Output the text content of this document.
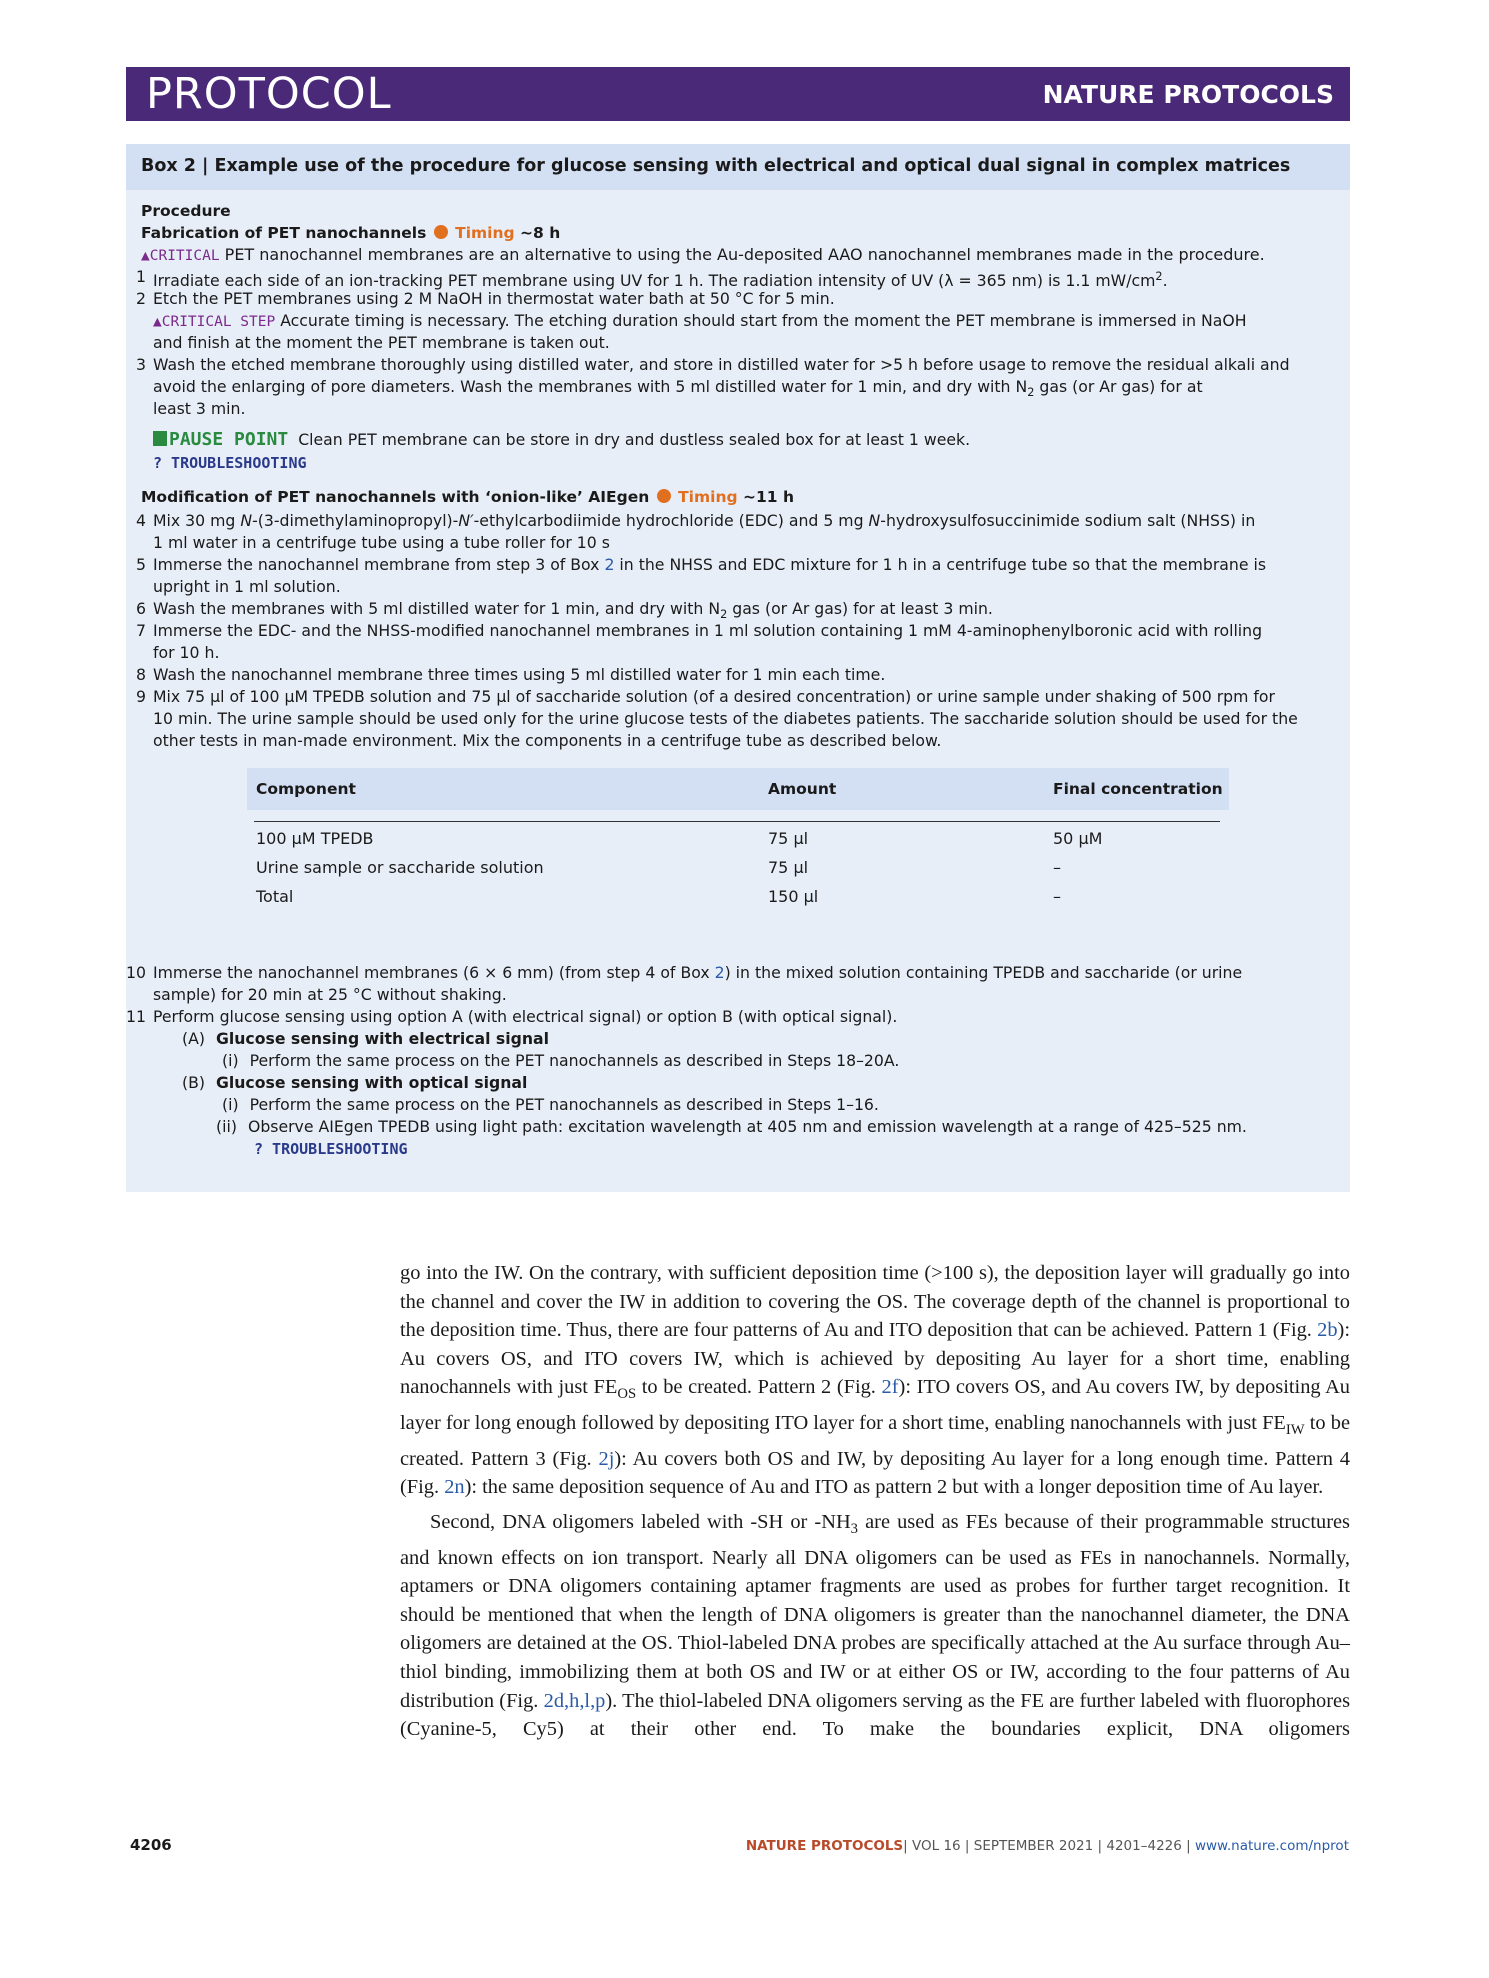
PROTOCOL	NATURE PROTOCOLS
Box 2 | Example use of the procedure for glucose sensing with electrical and optical dual signal in complex matrices
Procedure
Fabrication of PET nanochannels Timing ~8 h
▲CRITICAL PET nanochannel membranes are an alternative to using the Au-deposited AAO nanochannel membranes made in the procedure.
1 Irradiate each side of an ion-tracking PET membrane using UV for 1 h. The radiation intensity of UV (λ = 365 nm) is 1.1 $mW/cm^2$.
2 Etch the PET membranes using 2 M NaOH in thermostat water bath at 50 °C for 5 min.
▲CRITICAL STEP Accurate timing is necessary. The etching duration should start from the moment the PET membrane is immersed in NaOH
and finish at the moment the PET membrane is taken out.
3 Wash the etched membrane thoroughly using distilled water, and store in distilled water for >5 h before usage to remove the residual alkali and
avoid the enlarging of pore diameters. Wash the membranes with 5 ml distilled water for 1 min, and dry with $N_2$ gas (or Ar gas) for at
least 3 min.
PAUSE POINT Clean PET membrane can be store in dry and dustless sealed box for at least 1 week.
? TROUBLESHOOTING
Modification of PET nanochannels with ‘onion-like’ AIEgen Timing ~11 h
4 Mix 30 mg N-(3-dimethylaminopropyl)-N′-ethylcarbodiimide hydrochloride (EDC) and 5 mg N-hydroxysulfosuccinimide sodium salt (NHSS) in
1 ml water in a centrifuge tube using a tube roller for 10 s
5 Immerse the nanochannel membrane from step 3 of Box 2 in the NHSS and EDC mixture for 1 h in a centrifuge tube so that the membrane is
upright in 1 ml solution.
6 Wash the membranes with 5 ml distilled water for 1 min, and dry with $N_2$ gas (or Ar gas) for at least 3 min.
7 Immerse the EDC- and the NHSS-modified nanochannel membranes in 1 ml solution containing 1 mM 4-aminophenylboronic acid with rolling
for 10 h.
8 Wash the nanochannel membrane three times using 5 ml distilled water for 1 min each time.
9 Mix 75 μl of 100 μM TPEDB solution and 75 μl of saccharide solution (of a desired concentration) or urine sample under shaking of 500 rpm for
10 min. The urine sample should be used only for the urine glucose tests of the diabetes patients. The saccharide solution should be used for the
other tests in man-made environment. Mix the components in a centrifuge tube as described below.
Component	Amount	Final concentration
100 μM TPEDB	75 μl	50 μM
Urine sample or saccharide solution	75 μl	–
Total	150 μl	–
10 Immerse the nanochannel membranes (6 × 6 mm) (from step 4 of Box 2) in the mixed solution containing TPEDB and saccharide (or urine
sample) for 20 min at 25 °C without shaking.
11 Perform glucose sensing using option A (with electrical signal) or option B (with optical signal).
(A) Glucose sensing with electrical signal
(i) Perform the same process on the PET nanochannels as described in Steps 18–20A.
(B) Glucose sensing with optical signal
(i) Perform the same process on the PET nanochannels as described in Steps 1–16.
(ii) Observe AIEgen TPEDB using light path: excitation wavelength at 405 nm and emission wavelength at a range of 425–525 nm.
? TROUBLESHOOTING

go into the IW. On the contrary, with sufficient deposition time (>100 s), the deposition layer will gradually go into the channel and cover the IW in addition to covering the OS. The coverage depth of the channel is proportional to the deposition time. Thus, there are four patterns of Au and ITO deposition that can be achieved. Pattern 1 (Fig. 2b): Au covers OS, and ITO covers IW, which is achieved by depositing Au layer for a short time, enabling nanochannels with just $FE_{OS}$ to be created. Pattern 2 (Fig. 2f): ITO covers OS, and Au covers IW, by depositing Au layer for long enough followed by depositing ITO layer for a short time, enabling nanochannels with just $FE_{IW}$ to be created. Pattern 3 (Fig. 2j): Au covers both OS and IW, by depositing Au layer for a long enough time. Pattern 4 (Fig. 2n): the same deposition sequence of Au and ITO as pattern 2 but with a longer deposition time of Au layer.

Second, DNA oligomers labeled with -SH or $-NH_3$ are used as FEs because of their programmable structures and known effects on ion transport. Nearly all DNA oligomers can be used as FEs in nanochannels. Normally, aptamers or DNA oligomers containing aptamer fragments are used as probes for further target recognition. It should be mentioned that when the length of DNA oligomers is greater than the nanochannel diameter, the DNA oligomers are detained at the OS. Thiol-labeled DNA probes are specifically attached at the Au surface through Au–thiol binding, immobilizing them at both OS and IW or at either OS or IW, according to the four patterns of Au distribution (Fig. 2d,h,l,p). The thiol-labeled DNA oligomers serving as the FE are further labeled with fluorophores (Cyanine-5, Cy5) at their other end. To make the boundaries explicit, DNA oligomers

4206	NATURE PROTOCOLS| VOL 16 | SEPTEMBER 2021 | 4201–4226 | www.nature.com/nprot
